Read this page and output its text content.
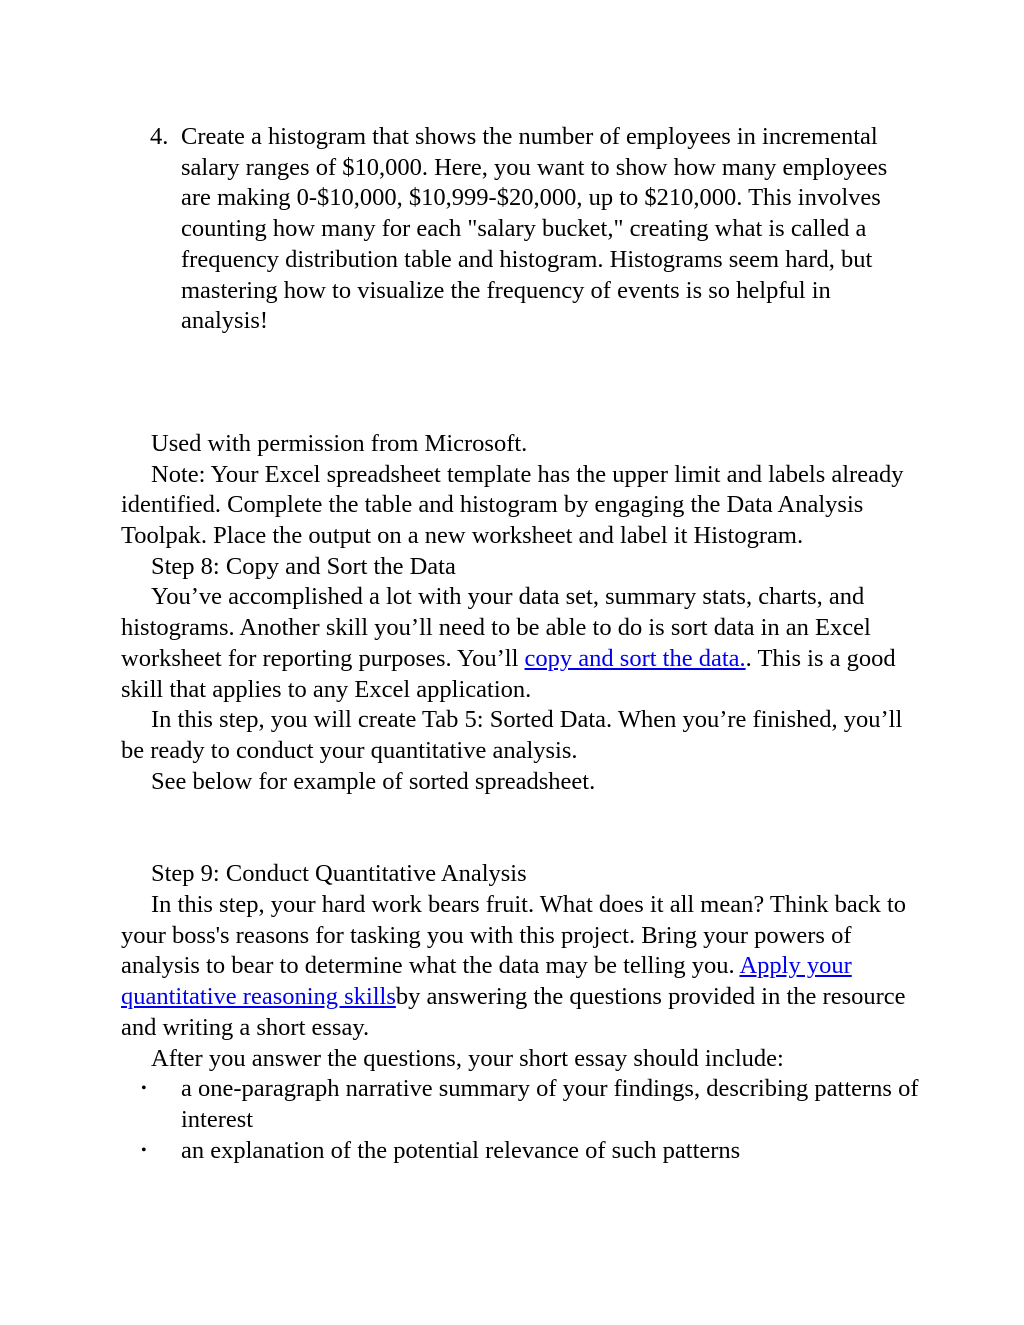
4. Create a histogram that shows the number of employees in incremental salary ranges of $10,000. Here, you want to show how many employees are making 0-$10,000, $10,999-$20,000, up to $210,000. This involves counting how many for each "salary bucket," creating what is called a frequency distribution table and histogram. Histograms seem hard, but mastering how to visualize the frequency of events is so helpful in analysis!

Used with permission from Microsoft.

Note: Your Excel spreadsheet template has the upper limit and labels already identified. Complete the table and histogram by engaging the Data Analysis Toolpak. Place the output on a new worksheet and label it Histogram.

Step 8: Copy and Sort the Data

You’ve accomplished a lot with your data set, summary stats, charts, and histograms. Another skill you’ll need to be able to do is sort data in an Excel worksheet for reporting purposes. You’ll copy and sort the data.. This is a good skill that applies to any Excel application.

In this step, you will create Tab 5: Sorted Data. When you’re finished, you’ll be ready to conduct your quantitative analysis.

See below for example of sorted spreadsheet.

Step 9: Conduct Quantitative Analysis

In this step, your hard work bears fruit. What does it all mean? Think back to your boss's reasons for tasking you with this project. Bring your powers of analysis to bear to determine what the data may be telling you. Apply your quantitative reasoning skillsby answering the questions provided in the resource and writing a short essay.

After you answer the questions, your short essay should include:

• a one-paragraph narrative summary of your findings, describing patterns of interest
• an explanation of the potential relevance of such patterns
